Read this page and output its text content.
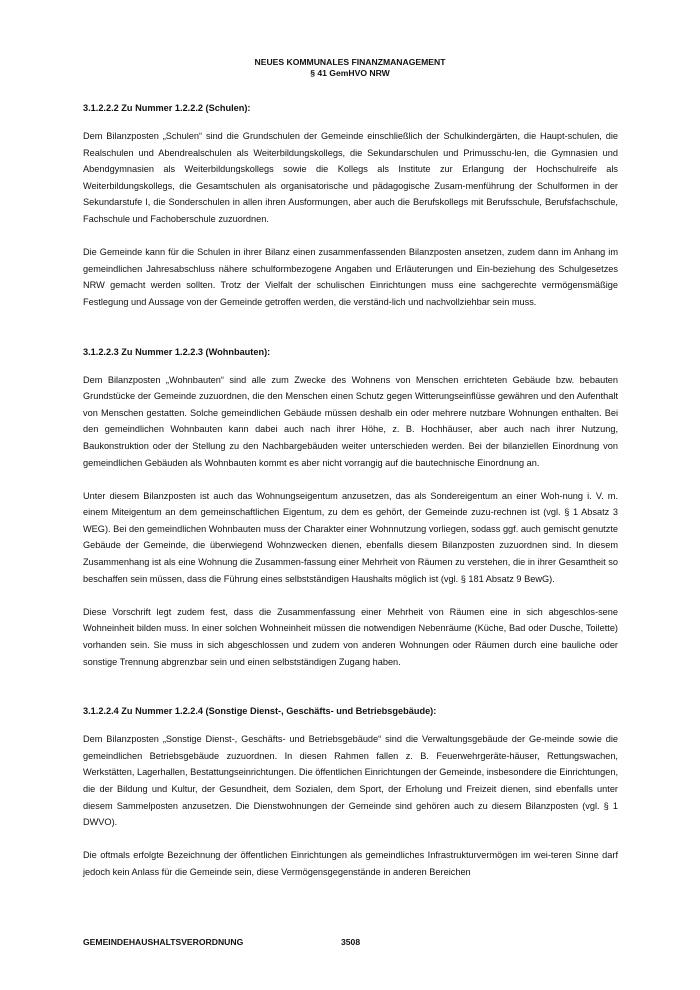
NEUES KOMMUNALES FINANZMANAGEMENT
§ 41 GemHVO NRW

3.1.2.2.2 Zu Nummer 1.2.2.2 (Schulen):

Dem Bilanzposten „Schulen“ sind die Grundschulen der Gemeinde einschließlich der Schulkindergärten, die Haupt-schulen, die Realschulen und Abendrealschulen als Weiterbildungskollegs, die Sekundarschulen und Primusschu-len, die Gymnasien und Abendgymnasien als Weiterbildungskollegs sowie die Kollegs als Institute zur Erlangung der Hochschulreife als Weiterbildungskollegs, die Gesamtschulen als organisatorische und pädagogische Zusam-menführung der Schulformen in der Sekundarstufe I, die Sonderschulen in allen ihren Ausformungen, aber auch die Berufskollegs mit Berufsschule, Berufsfachschule, Fachschule und Fachoberschule zuzuordnen.

Die Gemeinde kann für die Schulen in ihrer Bilanz einen zusammenfassenden Bilanzposten ansetzen, zudem dann im Anhang im gemeindlichen Jahresabschluss nähere schulformbezogene Angaben und Erläuterungen und Ein-beziehung des Schulgesetzes NRW gemacht werden sollten. Trotz der Vielfalt der schulischen Einrichtungen muss eine sachgerechte vermögensmäßige Festlegung und Aussage von der Gemeinde getroffen werden, die verständ-lich und nachvollziehbar sein muss.

3.1.2.2.3 Zu Nummer 1.2.2.3 (Wohnbauten):

Dem Bilanzposten „Wohnbauten“ sind alle zum Zwecke des Wohnens von Menschen errichteten Gebäude bzw. bebauten Grundstücke der Gemeinde zuzuordnen, die den Menschen einen Schutz gegen Witterungseinflüsse gewähren und den Aufenthalt von Menschen gestatten. Solche gemeindlichen Gebäude müssen deshalb ein oder mehrere nutzbare Wohnungen enthalten. Bei den gemeindlichen Wohnbauten kann dabei auch nach ihrer Höhe, z. B. Hochhäuser, aber auch nach ihrer Nutzung, Baukonstruktion oder der Stellung zu den Nachbargebäuden weiter unterschieden werden. Bei der bilanziellen Einordnung von gemeindlichen Gebäuden als Wohnbauten kommt es aber nicht vorrangig auf die bautechnische Einordnung an.

Unter diesem Bilanzposten ist auch das Wohnungseigentum anzusetzen, das als Sondereigentum an einer Woh-nung i. V. m. einem Miteigentum an dem gemeinschaftlichen Eigentum, zu dem es gehört, der Gemeinde zuzu-rechnen ist (vgl. § 1 Absatz 3 WEG). Bei den gemeindlichen Wohnbauten muss der Charakter einer Wohnnutzung vorliegen, sodass ggf. auch gemischt genutzte Gebäude der Gemeinde, die überwiegend Wohnzwecken dienen, ebenfalls diesem Bilanzposten zuzuordnen sind. In diesem Zusammenhang ist als eine Wohnung die Zusammen-fassung einer Mehrheit von Räumen zu verstehen, die in ihrer Gesamtheit so beschaffen sein müssen, dass die Führung eines selbstständigen Haushalts möglich ist (vgl. § 181 Absatz 9 BewG).

Diese Vorschrift legt zudem fest, dass die Zusammenfassung einer Mehrheit von Räumen eine in sich abgeschlos-sene Wohneinheit bilden muss. In einer solchen Wohneinheit müssen die notwendigen Nebenräume (Küche, Bad oder Dusche, Toilette) vorhanden sein. Sie muss in sich abgeschlossen und zudem von anderen Wohnungen oder Räumen durch eine bauliche oder sonstige Trennung abgrenzbar sein und einen selbstständigen Zugang haben.

3.1.2.2.4 Zu Nummer 1.2.2.4 (Sonstige Dienst-, Geschäfts- und Betriebsgebäude):

Dem Bilanzposten „Sonstige Dienst-, Geschäfts- und Betriebsgebäude“ sind die Verwaltungsgebäude der Ge-meinde sowie die gemeindlichen Betriebsgebäude zuzuordnen. In diesen Rahmen fallen z. B. Feuerwehrgeräte-häuser, Rettungswachen, Werkstätten, Lagerhallen, Bestattungseinrichtungen. Die öffentlichen Einrichtungen der Gemeinde, insbesondere die Einrichtungen, die der Bildung und Kultur, der Gesundheit, dem Sozialen, dem Sport, der Erholung und Freizeit dienen, sind ebenfalls unter diesem Sammelposten anzusetzen. Die Dienstwohnungen der Gemeinde sind gehören auch zu diesem Bilanzposten (vgl. § 1 DWVO).

Die oftmals erfolgte Bezeichnung der öffentlichen Einrichtungen als gemeindliches Infrastrukturvermögen im wei-teren Sinne darf jedoch kein Anlass für die Gemeinde sein, diese Vermögensgegenstände in anderen Bereichen

GEMEINDEHAUSHALTSVERORDNUNG	3508
